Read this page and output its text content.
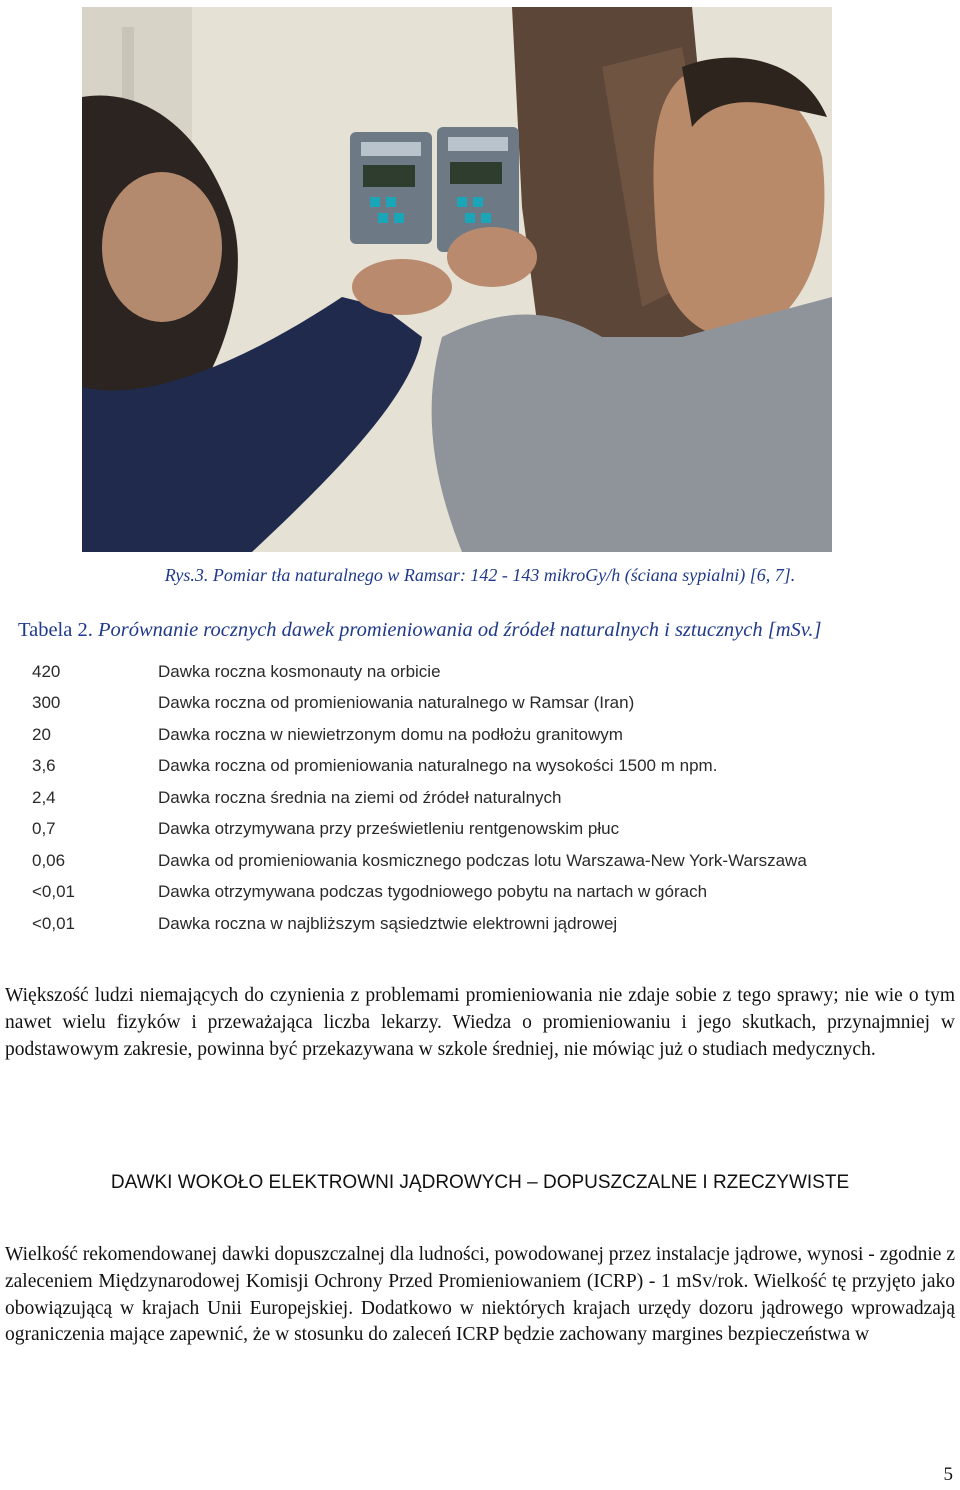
Rys.3. Pomiar tła naturalnego w Ramsar: 142 - 143 mikroGy/h (ściana sypialni) [6, 7].
Tabela 2. Porównanie rocznych dawek promieniowania od źródeł naturalnych i sztucznych [mSv.]
420	Dawka roczna kosmonauty na orbicie
300	Dawka roczna od promieniowania naturalnego w Ramsar (Iran)
20	Dawka roczna w niewietrzonym domu na podłożu granitowym
3,6	Dawka roczna od promieniowania naturalnego na wysokości 1500 m npm.
2,4	Dawka roczna średnia na ziemi od źródeł naturalnych
0,7	Dawka otrzymywana przy prześwietleniu rentgenowskim płuc
0,06	Dawka od promieniowania kosmicznego podczas lotu Warszawa-New York-Warszawa
<0,01	Dawka otrzymywana podczas tygodniowego pobytu na nartach w górach
<0,01	Dawka roczna w najbliższym sąsiedztwie elektrowni jądrowej
Większość ludzi niemających do czynienia z problemami promieniowania nie zdaje sobie z tego sprawy; nie wie o tym nawet wielu fizyków i przeważająca liczba lekarzy. Wiedza o promieniowaniu i jego skutkach, przynajmniej w podstawowym zakresie, powinna być przekazywana w szkole średniej, nie mówiąc już o studiach medycznych.
DAWKI WOKOŁO ELEKTROWNI JĄDROWYCH – DOPUSZCZALNE I RZECZYWISTE
Wielkość rekomendowanej dawki dopuszczalnej dla ludności, powodowanej przez instalacje jądrowe, wynosi - zgodnie z zaleceniem Międzynarodowej Komisji Ochrony Przed Promieniowaniem (ICRP) - 1 mSv/rok. Wielkość tę przyjęto jako obowiązującą w krajach Unii Europejskiej. Dodatkowo w niektórych krajach urzędy dozoru jądrowego wprowadzają ograniczenia mające zapewnić, że w stosunku do zaleceń ICRP będzie zachowany margines bezpieczeństwa w
5
